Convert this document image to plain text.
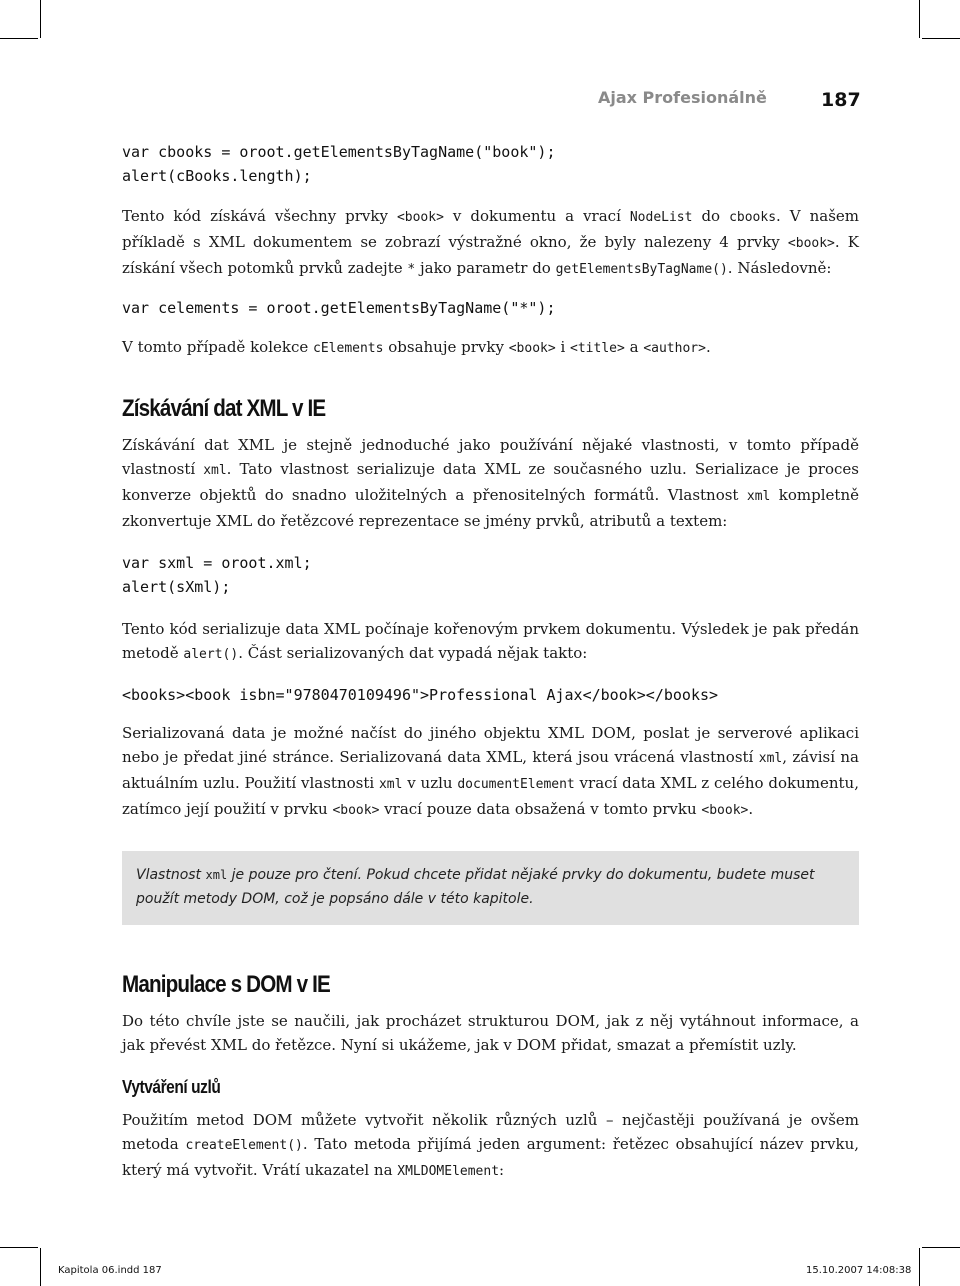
Ajax Profesionálně	187
var cbooks = oroot.getElementsByTagName("book");
alert(cBooks.length);

Tento kód získává všechny prvky <book> v dokumentu a vrací NodeList do cbooks. V našem příkladě s XML dokumentem se zobrazí výstražné okno, že byly nalezeny 4 prvky <book>. K získání všech potomků prvků zadejte * jako parametr do getElementsByTagName(). Následovně:

var celements = oroot.getElementsByTagName("*");

V tomto případě kolekce cElements obsahuje prvky <book> i <title> a <author>.

Získávání dat XML v IE

Získávání dat XML je stejně jednoduché jako používání nějaké vlastnosti, v tomto případě vlastností xml. Tato vlastnost serializuje data XML ze současného uzlu. Serializace je proces konverze objektů do snadno uložitelných a přenositelných formátů. Vlastnost xml kompletně zkonvertuje XML do řetězcové reprezentace se jmény prvků, atributů a textem:

var sxml = oroot.xml;
alert(sXml);

Tento kód serializuje data XML počínaje kořenovým prvkem dokumentu. Výsledek je pak předán metodě alert(). Část serializovaných dat vypadá nějak takto:

<books><book isbn="9780470109496">Professional Ajax</book></books>

Serializovaná data je možné načíst do jiného objektu XML DOM, poslat je serverové aplikaci nebo je předat jiné stránce. Serializovaná data XML, která jsou vrácená vlastností xml, závisí na aktuálním uzlu. Použití vlastnosti xml v uzlu documentElement vrací data XML z celého dokumentu, zatímco její použití v prvku <book> vrací pouze data obsažená v tomto prvku <book>.

Vlastnost xml je pouze pro čtení. Pokud chcete přidat nějaké prvky do dokumentu, budete muset použít metody DOM, což je popsáno dále v této kapitole.
Manipulace s DOM v IE

Do této chvíle jste se naučili, jak procházet strukturou DOM, jak z něj vytáhnout informace, a jak převést XML do řetězce. Nyní si ukážeme, jak v DOM přidat, smazat a přemístit uzly.

Vytváření uzlů

Použitím metod DOM můžete vytvořit několik různých uzlů – nejčastěji používaná je ovšem metoda createElement(). Tato metoda přijímá jeden argument: řetězec obsahující název prvku, který má vytvořit. Vrátí ukazatel na XMLDOMElement:

Kapitola 06.indd 187	15.10.2007 14:08:38
